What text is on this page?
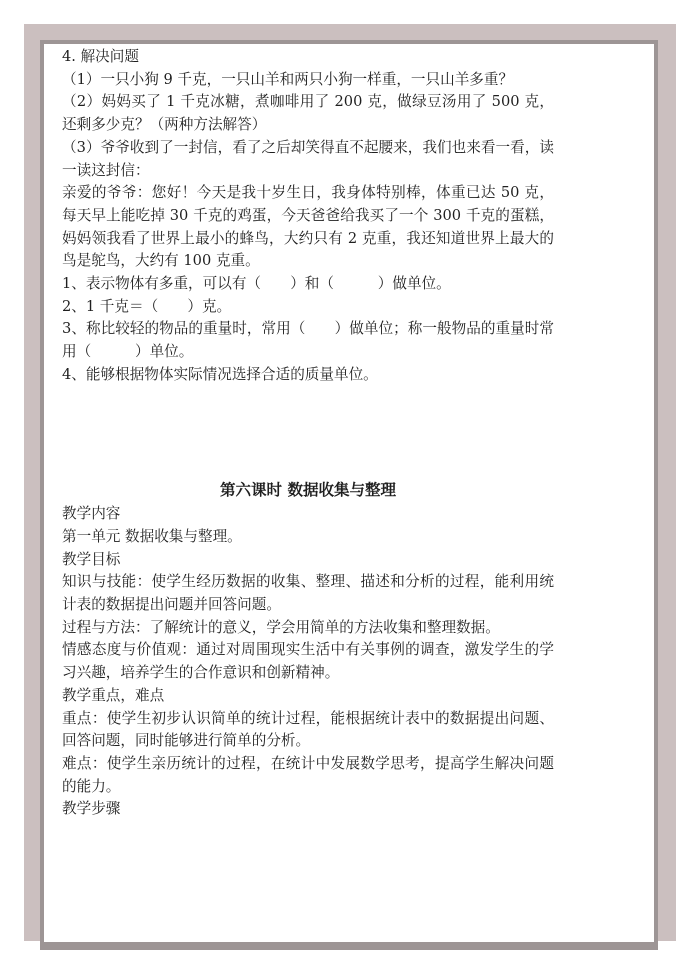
4. 解决问题

（1）一只小狗 9 千克，一只山羊和两只小狗一样重，一只山羊多重？

（2）妈妈买了 1 千克冰糖，煮咖啡用了 200 克，做绿豆汤用了 500 克，还剩多少克？（两种方法解答）

（3）爷爷收到了一封信，看了之后却笑得直不起腰来，我们也来看一看，读一读这封信：

亲爱的爷爷：您好！今天是我十岁生日，我身体特别棒，体重已达 50 克，每天早上能吃掉 30 千克的鸡蛋，今天爸爸给我买了一个 300 千克的蛋糕，妈妈领我看了世界上最小的蜂鸟，大约只有 2 克重，我还知道世界上最大的鸟是鸵鸟，大约有 100 克重。

1、表示物体有多重，可以有（　　）和（　　　）做单位。

2、1 千克＝（　　）克。

3、称比较轻的物品的重量时，常用（　　）做单位；称一般物品的重量时常用（　　　）单位。

4、能够根据物体实际情况选择合适的质量单位。

第六课时 数据收集与整理

教学内容

第一单元 数据收集与整理。

教学目标

知识与技能：使学生经历数据的收集、整理、描述和分析的过程，能利用统计表的数据提出问题并回答问题。

过程与方法：了解统计的意义，学会用简单的方法收集和整理数据。

情感态度与价值观：通过对周围现实生活中有关事例的调查，激发学生的学习兴趣，培养学生的合作意识和创新精神。

教学重点，难点

重点：使学生初步认识简单的统计过程，能根据统计表中的数据提出问题、回答问题，同时能够进行简单的分析。

难点：使学生亲历统计的过程，在统计中发展数学思考，提高学生解决问题的能力。

教学步骤
